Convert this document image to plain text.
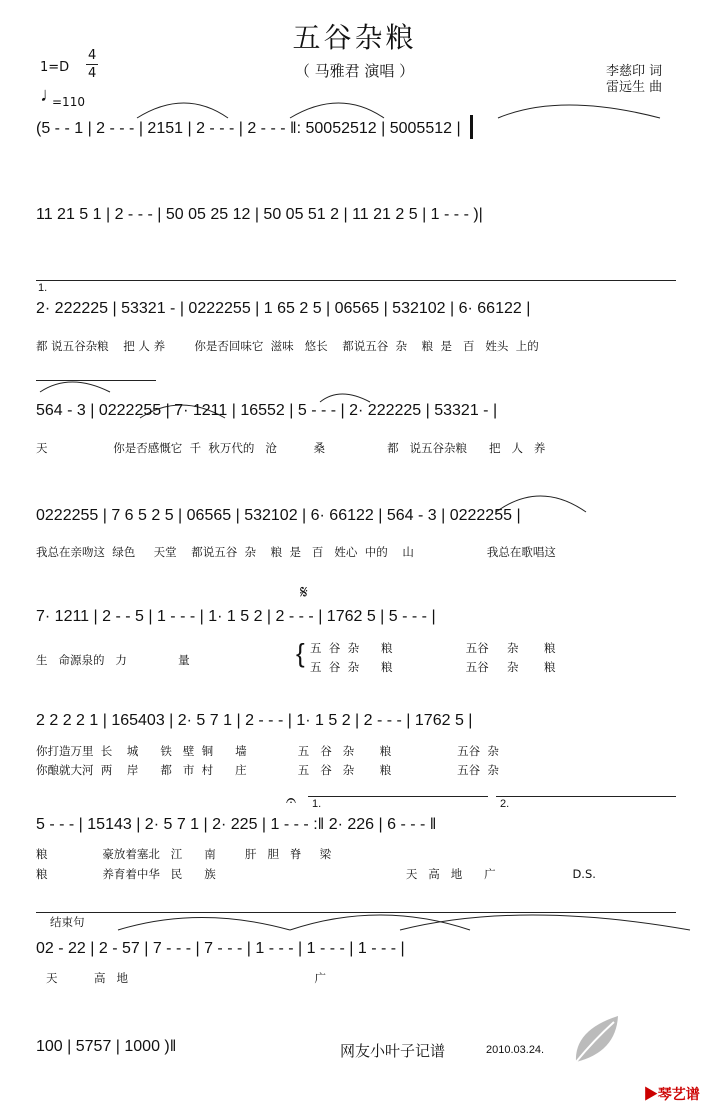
五谷杂粮
（ 马雅君 演唱 ）
1=D
4
4
♩
=110
李慈印 词
雷远生 曲
(5 - - 1 | 2 - - - | 2151 | 2 - - - | 2 - - - ‖: 50052512 | 5005512 |
11 21 5 1 | 2 - - - | 50 05 25 12 | 50 05 51 2 | 11 21 2 5 | 1 - - - )|
1.
2· 222225 | 53321 - | 0222255 | 1 65 2 5 | 06565 | 532102 | 6· 66122 |
都 说五谷杂粮    把 人 养        你是否回味它  滋味   悠长    都说五谷  杂    粮  是   百   姓头  上的
564 - 3 | 0222255 | 7· 1211 | 16552 | 5 - - - | 2· 222225 | 53321 - |
天                  你是否感慨它  千  秋万代的   沧          桑                 都   说五谷杂粮      把   人   养
0222255 | 7 6 5 2 5 | 06565 | 532102 | 6· 66122 | 564 - 3 | 0222255 |
我总在亲吻这  绿色     天堂    都说五谷  杂    粮  是   百   姓心  中的    山                    我总在歌唱这
𝄋
7· 1211 | 2 - - 5 | 1 - - - | 1· 1 5 2 | 2 - - - | 1762 5 | 5 - - - |
生   命源泉的   力              量	{ 五  谷  杂      粮                    五谷     杂       粮
五  谷  杂      粮                    五谷     杂       粮
2 2 2 2 1 | 165403 | 2· 5 7 1 | 2 - - - | 1· 1 5 2 | 2 - - - | 1762 5 |
你打造万里  长    城      铁   壁  铜      墙              五   谷   杂       粮                  五谷  杂
你酿就大河  两    岸      都   市  村      庄              五   谷   杂       粮                  五谷  杂
𝄐 1.	2.
5 - - - | 15143 | 2· 5 7 1 | 2· 225 | 1 - - - :‖ 2· 226 | 6 - - - ‖
粮               豪放着塞北   江      南        肝   胆   脊     梁
粮               养育着中华   民      族                                                    天   高   地      广                     D.S.
结束句
02 - 22 | 2 - 57 | 7 - - - | 7 - - - | 1 - - - | 1 - - - | 1 - - - |
天          高   地                                                   广
100 | 5757 | 1000 )‖	网友小叶子记谱	2010.03.24.

▶琴艺谱
